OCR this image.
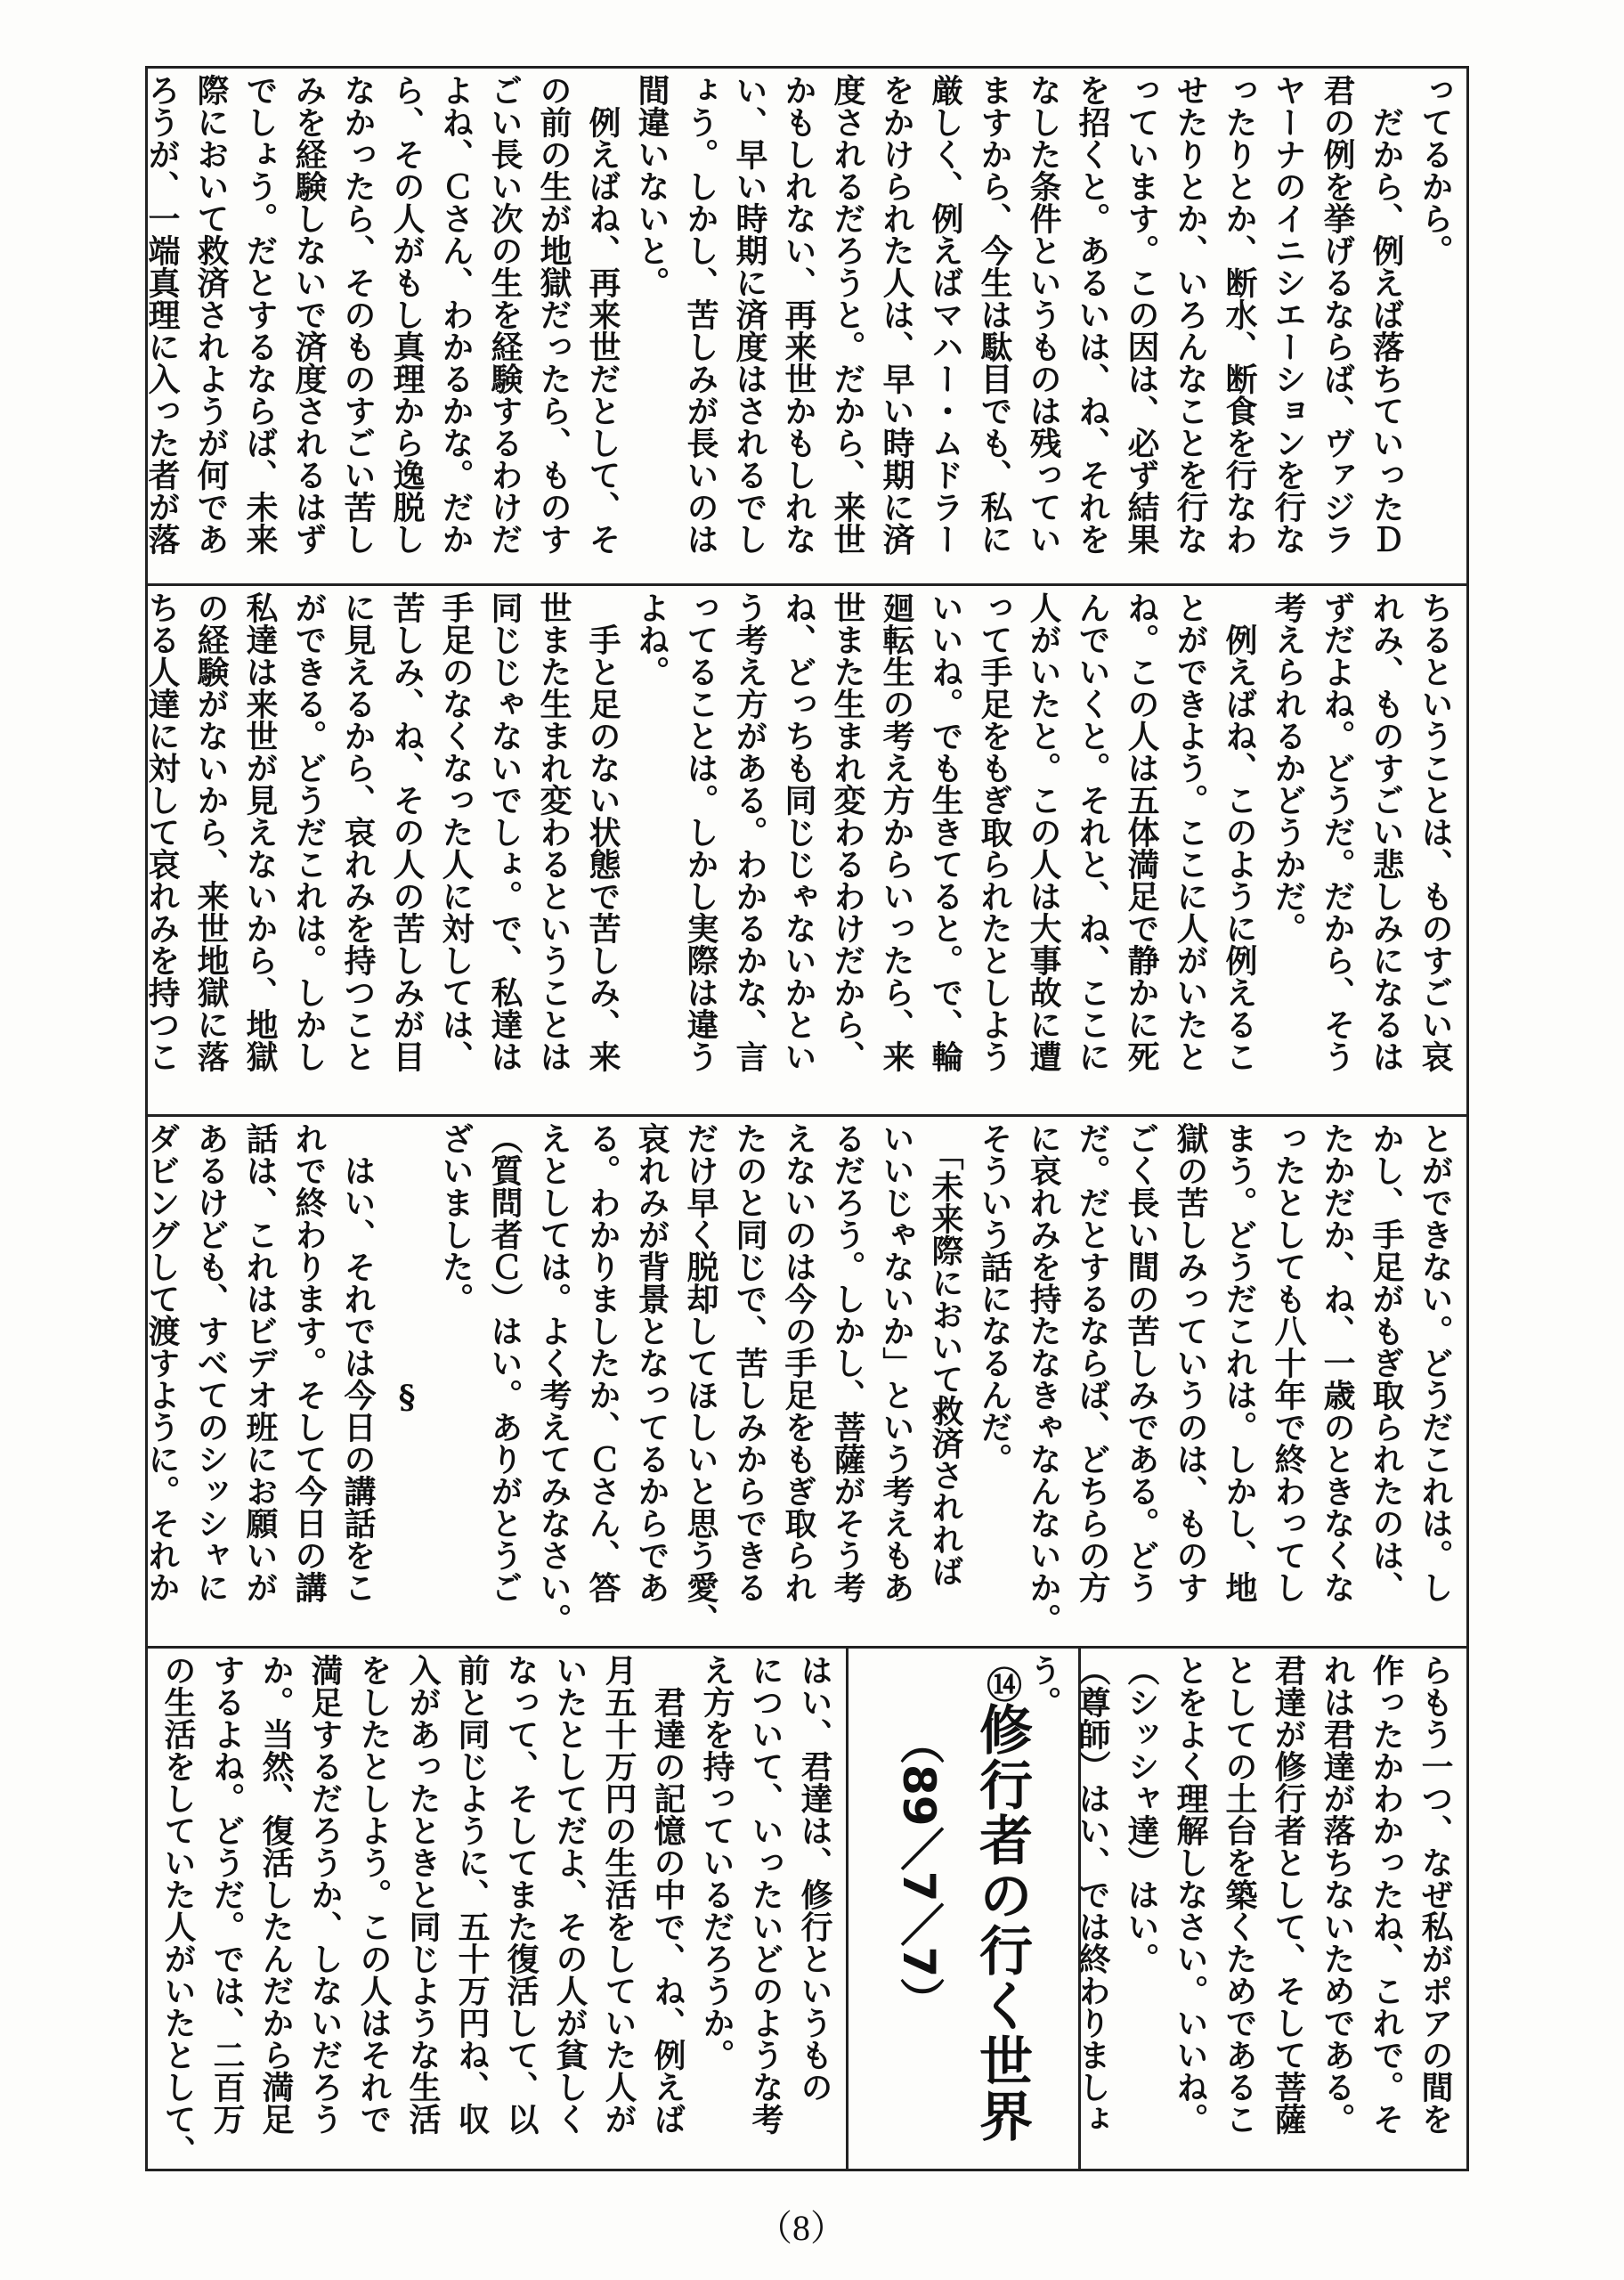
ってるから。
　だから、例えば落ちていったＤ
君の例を挙げるならば、ヴァジラ
ヤーナのイニシエーションを行な
ったりとか、断水、断食を行なわ
せたりとか、いろんなことを行な
っています。この因は、必ず結果
を招くと。あるいは、ね、それを
なした条件というものは残ってい
ますから、今生は駄目でも、私に
厳しく、例えばマハー・ムドラー
をかけられた人は、早い時期に済
度されるだろうと。だから、来世
かもしれない、再来世かもしれな
い、早い時期に済度はされるでし
ょう。しかし、苦しみが長いのは
間違いないと。
　例えばね、再来世だとして、そ
の前の生が地獄だったら、ものす
ごい長い次の生を経験するわけだ
よね、Ｃさん、わかるかな。だか
ら、その人がもし真理から逸脱し
なかったら、そのものすごい苦し
みを経験しないで済度されるはず
でしょう。だとするならば、未来
際において救済されようが何であ
ろうが、一端真理に入った者が落
ちるということは、ものすごい哀
れみ、ものすごい悲しみになるは
ずだよね。どうだ。だから、そう
考えられるかどうかだ。
　例えばね、このように例えるこ
とができよう。ここに人がいたと
ね。この人は五体満足で静かに死
んでいくと。それと、ね、ここに
人がいたと。この人は大事故に遭
って手足をもぎ取られたとしよう
いいね。でも生きてると。で、輪
廻転生の考え方からいったら、来
世また生まれ変わるわけだから、
ね、どっちも同じじゃないかとい
う考え方がある。わかるかな、言
ってることは。しかし実際は違う
よね。
　手と足のない状態で苦しみ、来
世また生まれ変わるということは
同じじゃないでしょ。で、私達は
手足のなくなった人に対しては、
苦しみ、ね、その人の苦しみが目
に見えるから、哀れみを持つこと
ができる。どうだこれは。しかし
私達は来世が見えないから、地獄
の経験がないから、来世地獄に落
ちる人達に対して哀れみを持つこ
とができない。どうだこれは。し
かし、手足がもぎ取られたのは、
たかだか、ね、一歳のときなくな
ったとしても八十年で終わってし
まう。どうだこれは。しかし、地
獄の苦しみっていうのは、ものす
ごく長い間の苦しみである。どう
だ。だとするならば、どちらの方
に哀れみを持たなきゃなんないか。
そういう話になるんだ。
　「未来際において救済されれば
いいじゃないか」という考えもあ
るだろう。しかし、菩薩がそう考
えないのは今の手足をもぎ取られ
たのと同じで、苦しみからできる
だけ早く脱却してほしいと思う愛、
哀れみが背景となってるからであ
る。わかりましたか、Ｃさん、答
えとしては。よく考えてみなさい。
（質問者Ｃ）はい。ありがとうご
ざいました。
　　　　　　　　§
　はい、それでは今日の講話をこ
れで終わります。そして今日の講
話は、これはビデオ班にお願いが
あるけども、すべてのシッシャに
ダビングして渡すように。それか
らもう一つ、なぜ私がポアの間を
作ったかわかったね、これで。そ
れは君達が落ちないためである。
君達が修行者として、そして菩薩
としての土台を築くためであるこ
とをよく理解しなさい。いいね。
（シッシャ達）はい。
（尊師）はい、では終わりましょ
う。
⑭
修行者の行く世界
（89／7／7）
はい、君達は、修行というもの
について、いったいどのような考
え方を持っているだろうか。
　君達の記憶の中で、ね、例えば
月五十万円の生活をしていた人が
いたとしてだよ、その人が貧しく
なって、そしてまた復活して、以
前と同じように、五十万円ね、収
入があったときと同じような生活
をしたとしよう。この人はそれで
満足するだろうか、しないだろう
か。当然、復活したんだから満足
するよね。どうだ。では、二百万
の生活をしていた人がいたとして、
（8）
